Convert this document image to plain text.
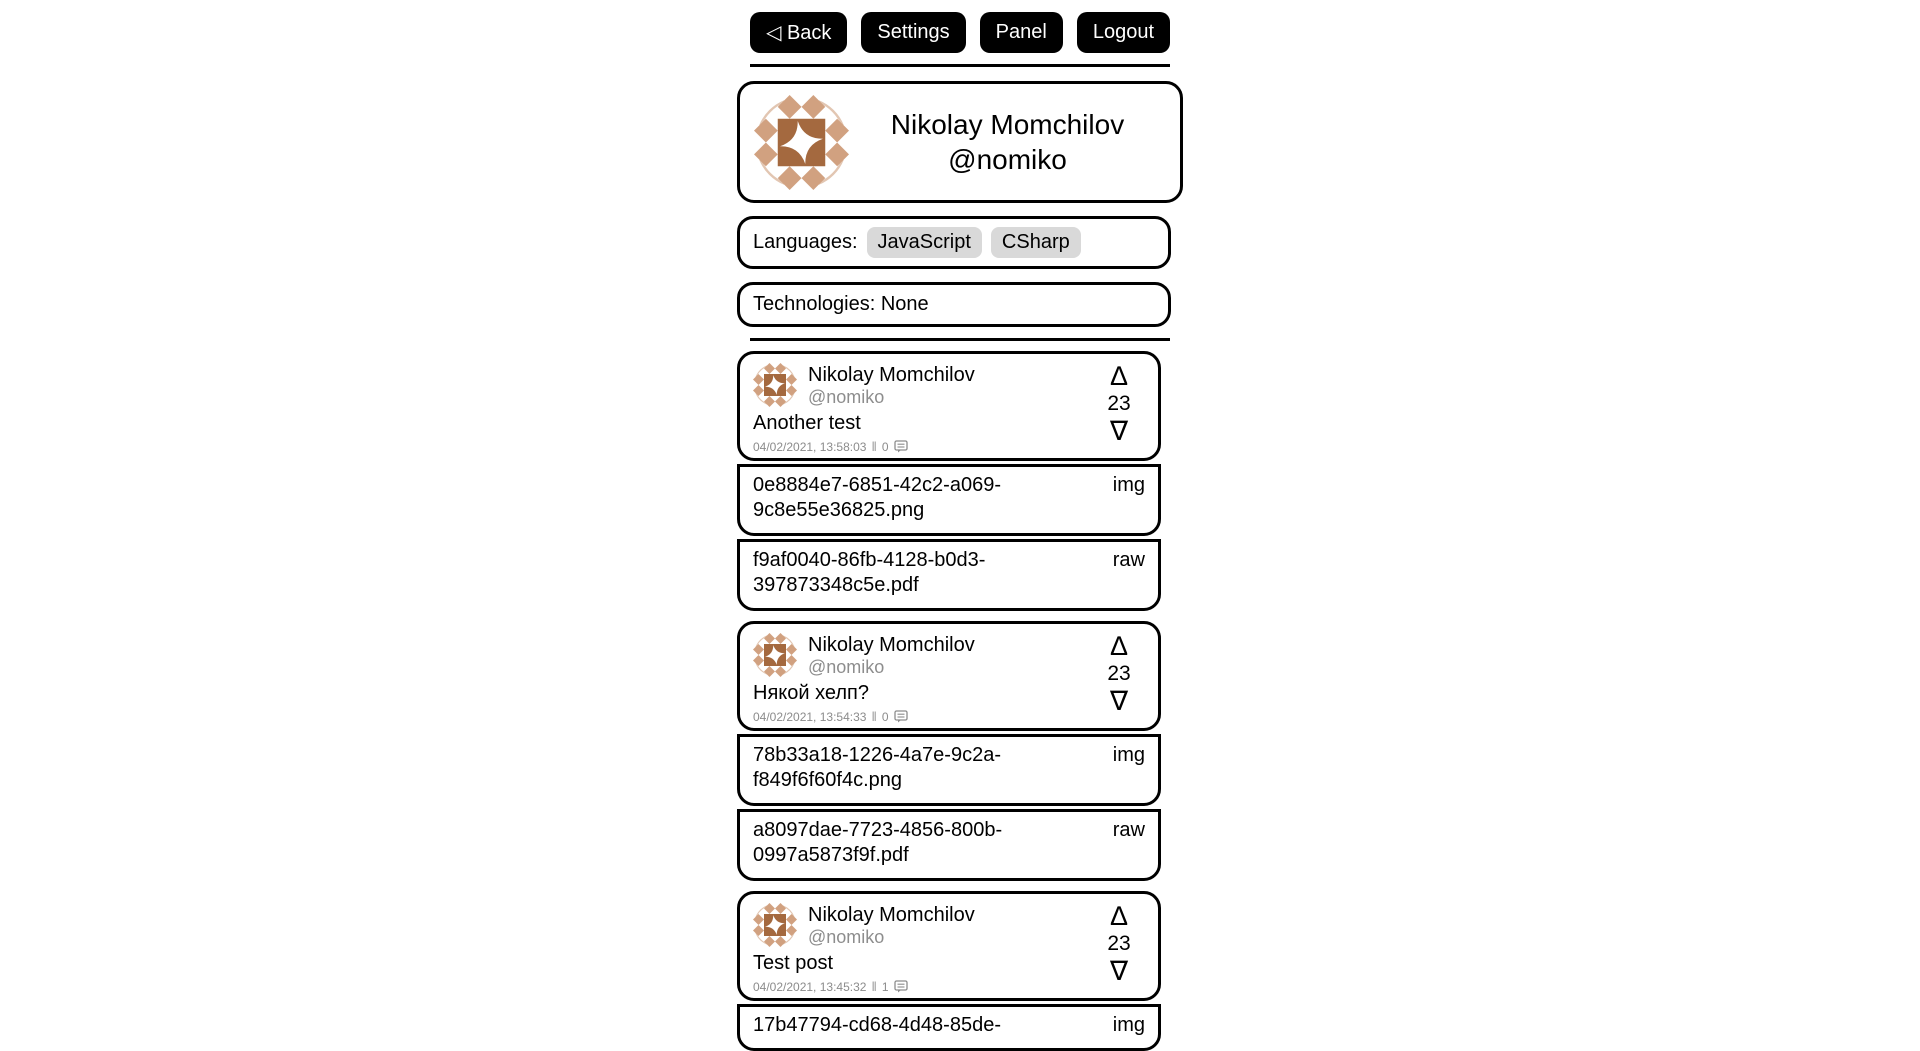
◁ Back	Settings	Panel	Logout
Nikolay Momchilov
@nomiko
Languages:	JavaScript	CSharp
Technologies: None
Nikolay Momchilov
@nomiko
Another test
04/02/2021, 13:58:03 ‖ 0
∆
23
∇
0e8884e7-6851-42c2-a069-9c8e55e36825.png
img
f9af0040-86fb-4128-b0d3-397873348c5e.pdf
raw
Nikolay Momchilov
@nomiko
Някой хелп?
04/02/2021, 13:54:33 ‖ 0
∆
23
∇
78b33a18-1226-4a7e-9c2a-f849f6f60f4c.png
img
a8097dae-7723-4856-800b-0997a5873f9f.pdf
raw
Nikolay Momchilov
@nomiko
Test post
04/02/2021, 13:45:32 ‖ 1
∆
23
∇
17b47794-cd68-4d48-85de-	img
